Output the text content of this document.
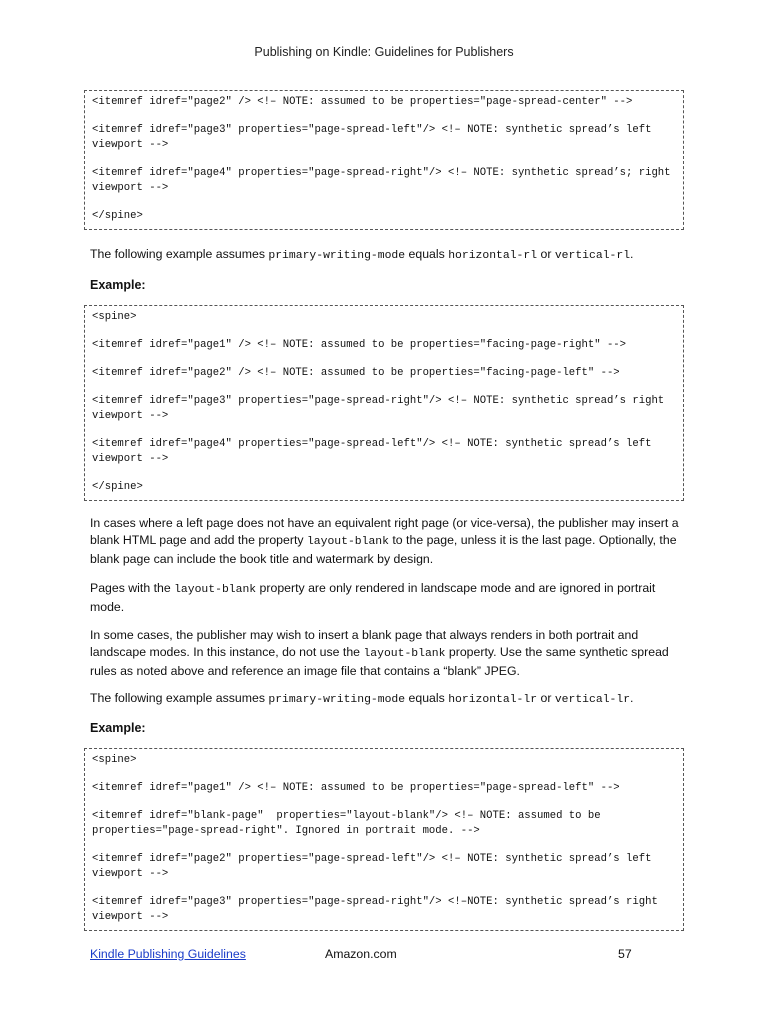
Publishing on Kindle: Guidelines for Publishers
<itemref idref="page2" /> <!– NOTE: assumed to be properties="page-spread-center" -->
<itemref idref="page3" properties="page-spread-left"/> <!– NOTE: synthetic spread’s left viewport -->
<itemref idref="page4" properties="page-spread-right"/> <!– NOTE: synthetic spread’s; right viewport -->
</spine>
The following example assumes primary-writing-mode equals horizontal-rl or vertical-rl.
Example:
<spine>
<itemref idref="page1" /> <!– NOTE: assumed to be properties="facing-page-right" -->
<itemref idref="page2" /> <!– NOTE: assumed to be properties="facing-page-left" -->
<itemref idref="page3" properties="page-spread-right"/> <!– NOTE: synthetic spread’s right viewport -->
<itemref idref="page4" properties="page-spread-left"/> <!– NOTE: synthetic spread’s left viewport -->
</spine>
In cases where a left page does not have an equivalent right page (or vice-versa), the publisher may insert a blank HTML page and add the property layout-blank to the page, unless it is the last page. Optionally, the blank page can include the book title and watermark by design.
Pages with the layout-blank property are only rendered in landscape mode and are ignored in portrait mode.
In some cases, the publisher may wish to insert a blank page that always renders in both portrait and landscape modes. In this instance, do not use the layout-blank property. Use the same synthetic spread rules as noted above and reference an image file that contains a “blank” JPEG.
The following example assumes primary-writing-mode equals horizontal-lr or vertical-lr.
Example:
<spine>
<itemref idref="page1" /> <!– NOTE: assumed to be properties="page-spread-left" -->
<itemref idref="blank-page"  properties="layout-blank"/> <!– NOTE: assumed to be properties="page-spread-right". Ignored in portrait mode. -->
<itemref idref="page2" properties="page-spread-left"/> <!– NOTE: synthetic spread’s left viewport -->
<itemref idref="page3" properties="page-spread-right"/> <!–NOTE: synthetic spread’s right viewport -->
Kindle Publishing Guidelines	Amazon.com	57
